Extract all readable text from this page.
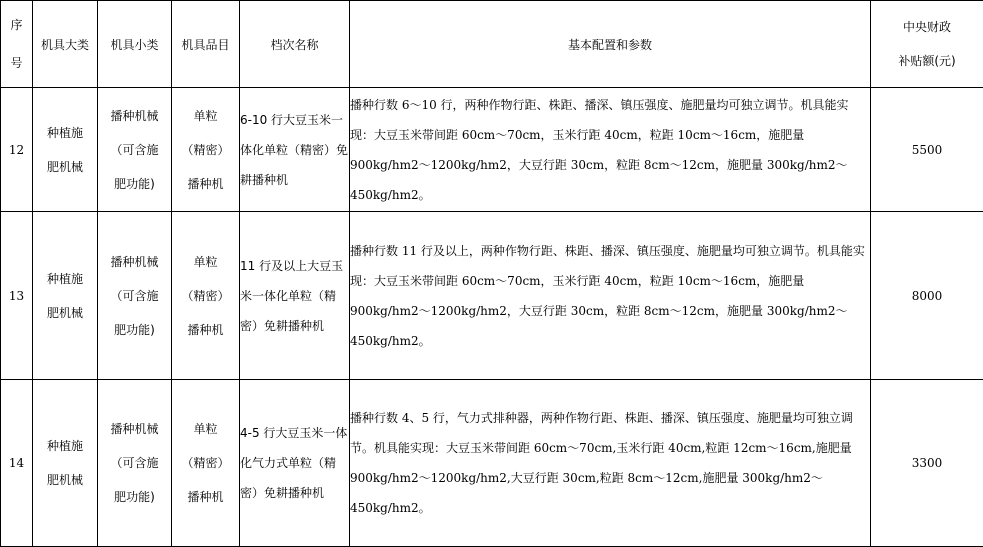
序
号	机具大类	机具小类	机具品目	档次名称	基本配置和参数	中央财政
补贴额(元)

12	种植施
肥机械	播种机械
（可含施
肥功能)	单粒
（精密）
播种机	6-10 行大豆玉米一体化单粒（精密）免耕播种机	播种行数 6～10 行，两种作物行距、株距、播深、镇压强度、施肥量均可独立调节。机具能实现：大豆玉米带间距 60cm～70cm，玉米行距 40cm，粒距 10cm～16cm，施肥量 900kg/hm2～1200kg/hm2，大豆行距 30cm，粒距 8cm～12cm，施肥量 300kg/hm2～450kg/hm2。	5500
13	种植施
肥机械	播种机械
（可含施
肥功能)	单粒
（精密）
播种机	11 行及以上大豆玉米一体化单粒（精密）免耕播种机	播种行数 11 行及以上，两种作物行距、株距、播深、镇压强度、施肥量均可独立调节。机具能实现：大豆玉米带间距 60cm～70cm，玉米行距 40cm，粒距 10cm～16cm，施肥量 900kg/hm2～1200kg/hm2，大豆行距 30cm，粒距 8cm～12cm，施肥量 300kg/hm2～450kg/hm2。	8000
14	种植施
肥机械	播种机械
（可含施
肥功能)	单粒
（精密）
播种机	4-5 行大豆玉米一体化气力式单粒（精密）免耕播种机	播种行数 4、5 行，气力式排种器，两种作物行距、株距、播深、镇压强度、施肥量均可独立调节。机具能实现：大豆玉米带间距 60cm～70cm,玉米行距 40cm,粒距 12cm～16cm,施肥量 900kg/hm2～1200kg/hm2,大豆行距 30cm,粒距 8cm～12cm,施肥量 300kg/hm2～450kg/hm2。	3300
